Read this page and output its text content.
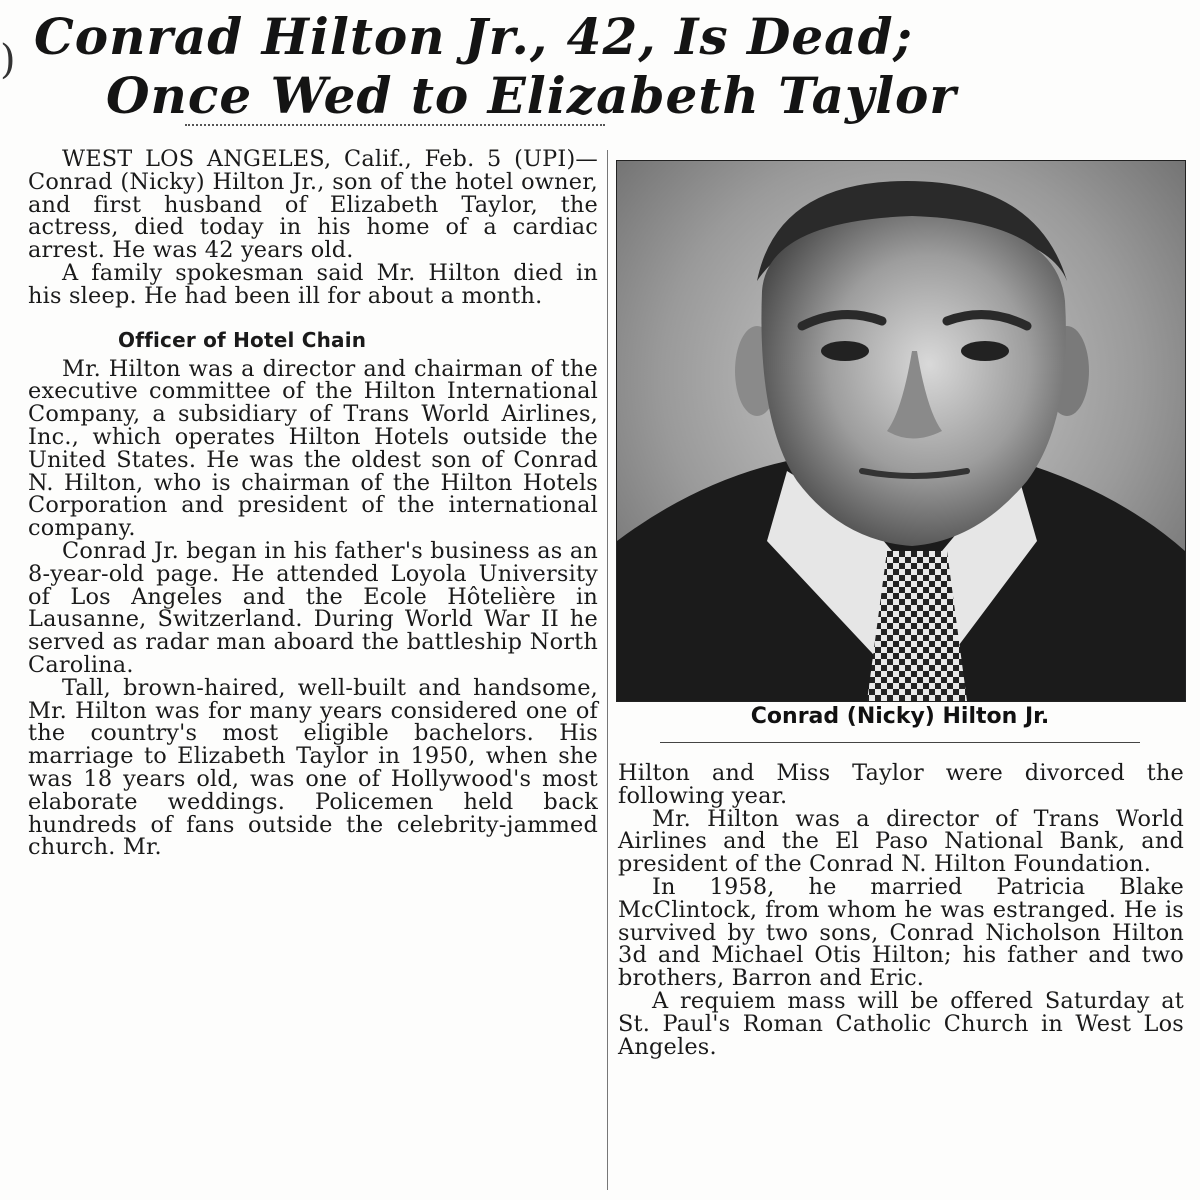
) Conrad Hilton Jr., 42, Is Dead;
Once Wed to Elizabeth Taylor

WEST LOS ANGELES, Calif., Feb. 5 (UPI)—Conrad (Nicky) Hilton Jr., son of the hotel owner, and first husband of Elizabeth Taylor, the actress, died today in his home of a cardiac arrest. He was 42 years old.

A family spokesman said Mr. Hilton died in his sleep. He had been ill for about a month.

Officer of Hotel Chain

Mr. Hilton was a director and chairman of the executive committee of the Hilton International Company, a subsidiary of Trans World Airlines, Inc., which operates Hilton Hotels outside the United States. He was the oldest son of Conrad N. Hilton, who is chairman of the Hilton Hotels Corporation and president of the international company.

Conrad Jr. began in his father's business as an 8-year-old page. He attended Loyola University of Los Angeles and the Ecole Hôtelière in Lausanne, Switzerland. During World War II he served as radar man aboard the battleship North Carolina.

Tall, brown-haired, well-built and handsome, Mr. Hilton was for many years considered one of the country's most eligible bachelors. His marriage to Elizabeth Taylor in 1950, when she was 18 years old, was one of Hollywood's most elaborate weddings. Policemen held back hundreds of fans outside the celebrity-jammed church. Mr.

Conrad (Nicky) Hilton Jr.

Hilton and Miss Taylor were divorced the following year.

Mr. Hilton was a director of Trans World Airlines and the El Paso National Bank, and president of the Conrad N. Hilton Foundation.

In 1958, he married Patricia Blake McClintock, from whom he was estranged. He is survived by two sons, Conrad Nicholson Hilton 3d and Michael Otis Hilton; his father and two brothers, Barron and Eric.

A requiem mass will be offered Saturday at St. Paul's Roman Catholic Church in West Los Angeles.
